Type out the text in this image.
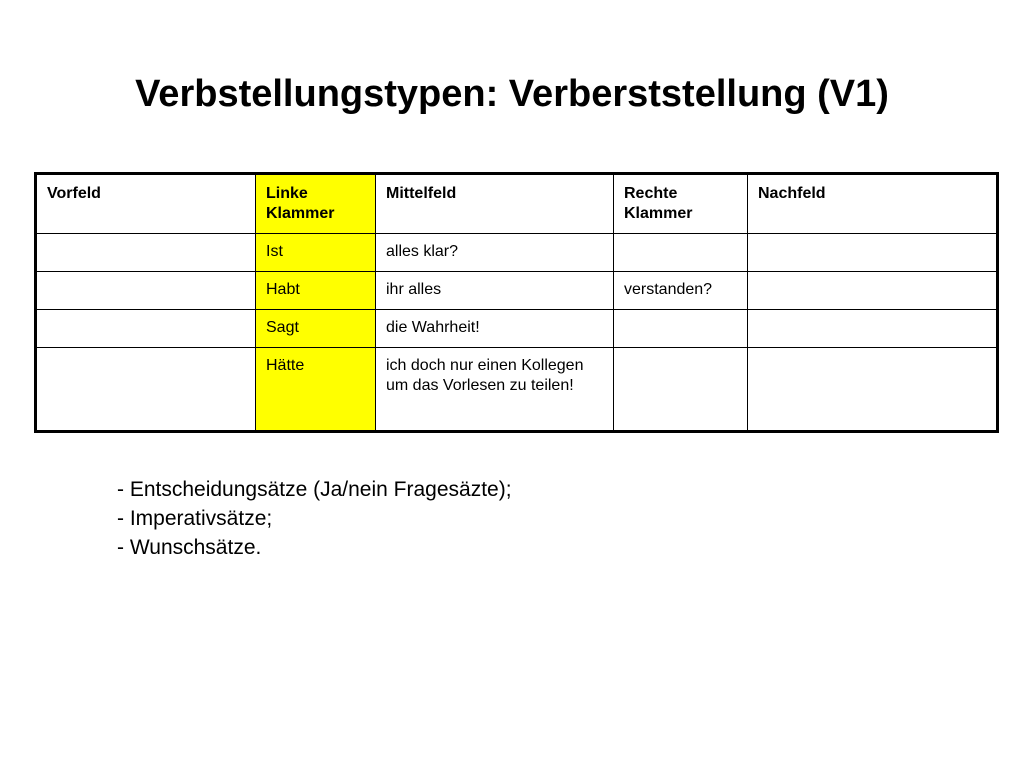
Verbstellungstypen: Verberststellung (V1)
Vorfeld	Linke Klammer	Mittelfeld	Rechte Klammer	Nachfeld
	Ist	alles klar?		
	Habt	ihr alles	verstanden?	
	Sagt	die Wahrheit!		
	Hätte	ich doch nur einen Kollegen um das Vorlesen zu teilen!		
- Entscheidungsätze (Ja/nein Fragesäzte);
- Imperativsätze;
- Wunschsätze.
